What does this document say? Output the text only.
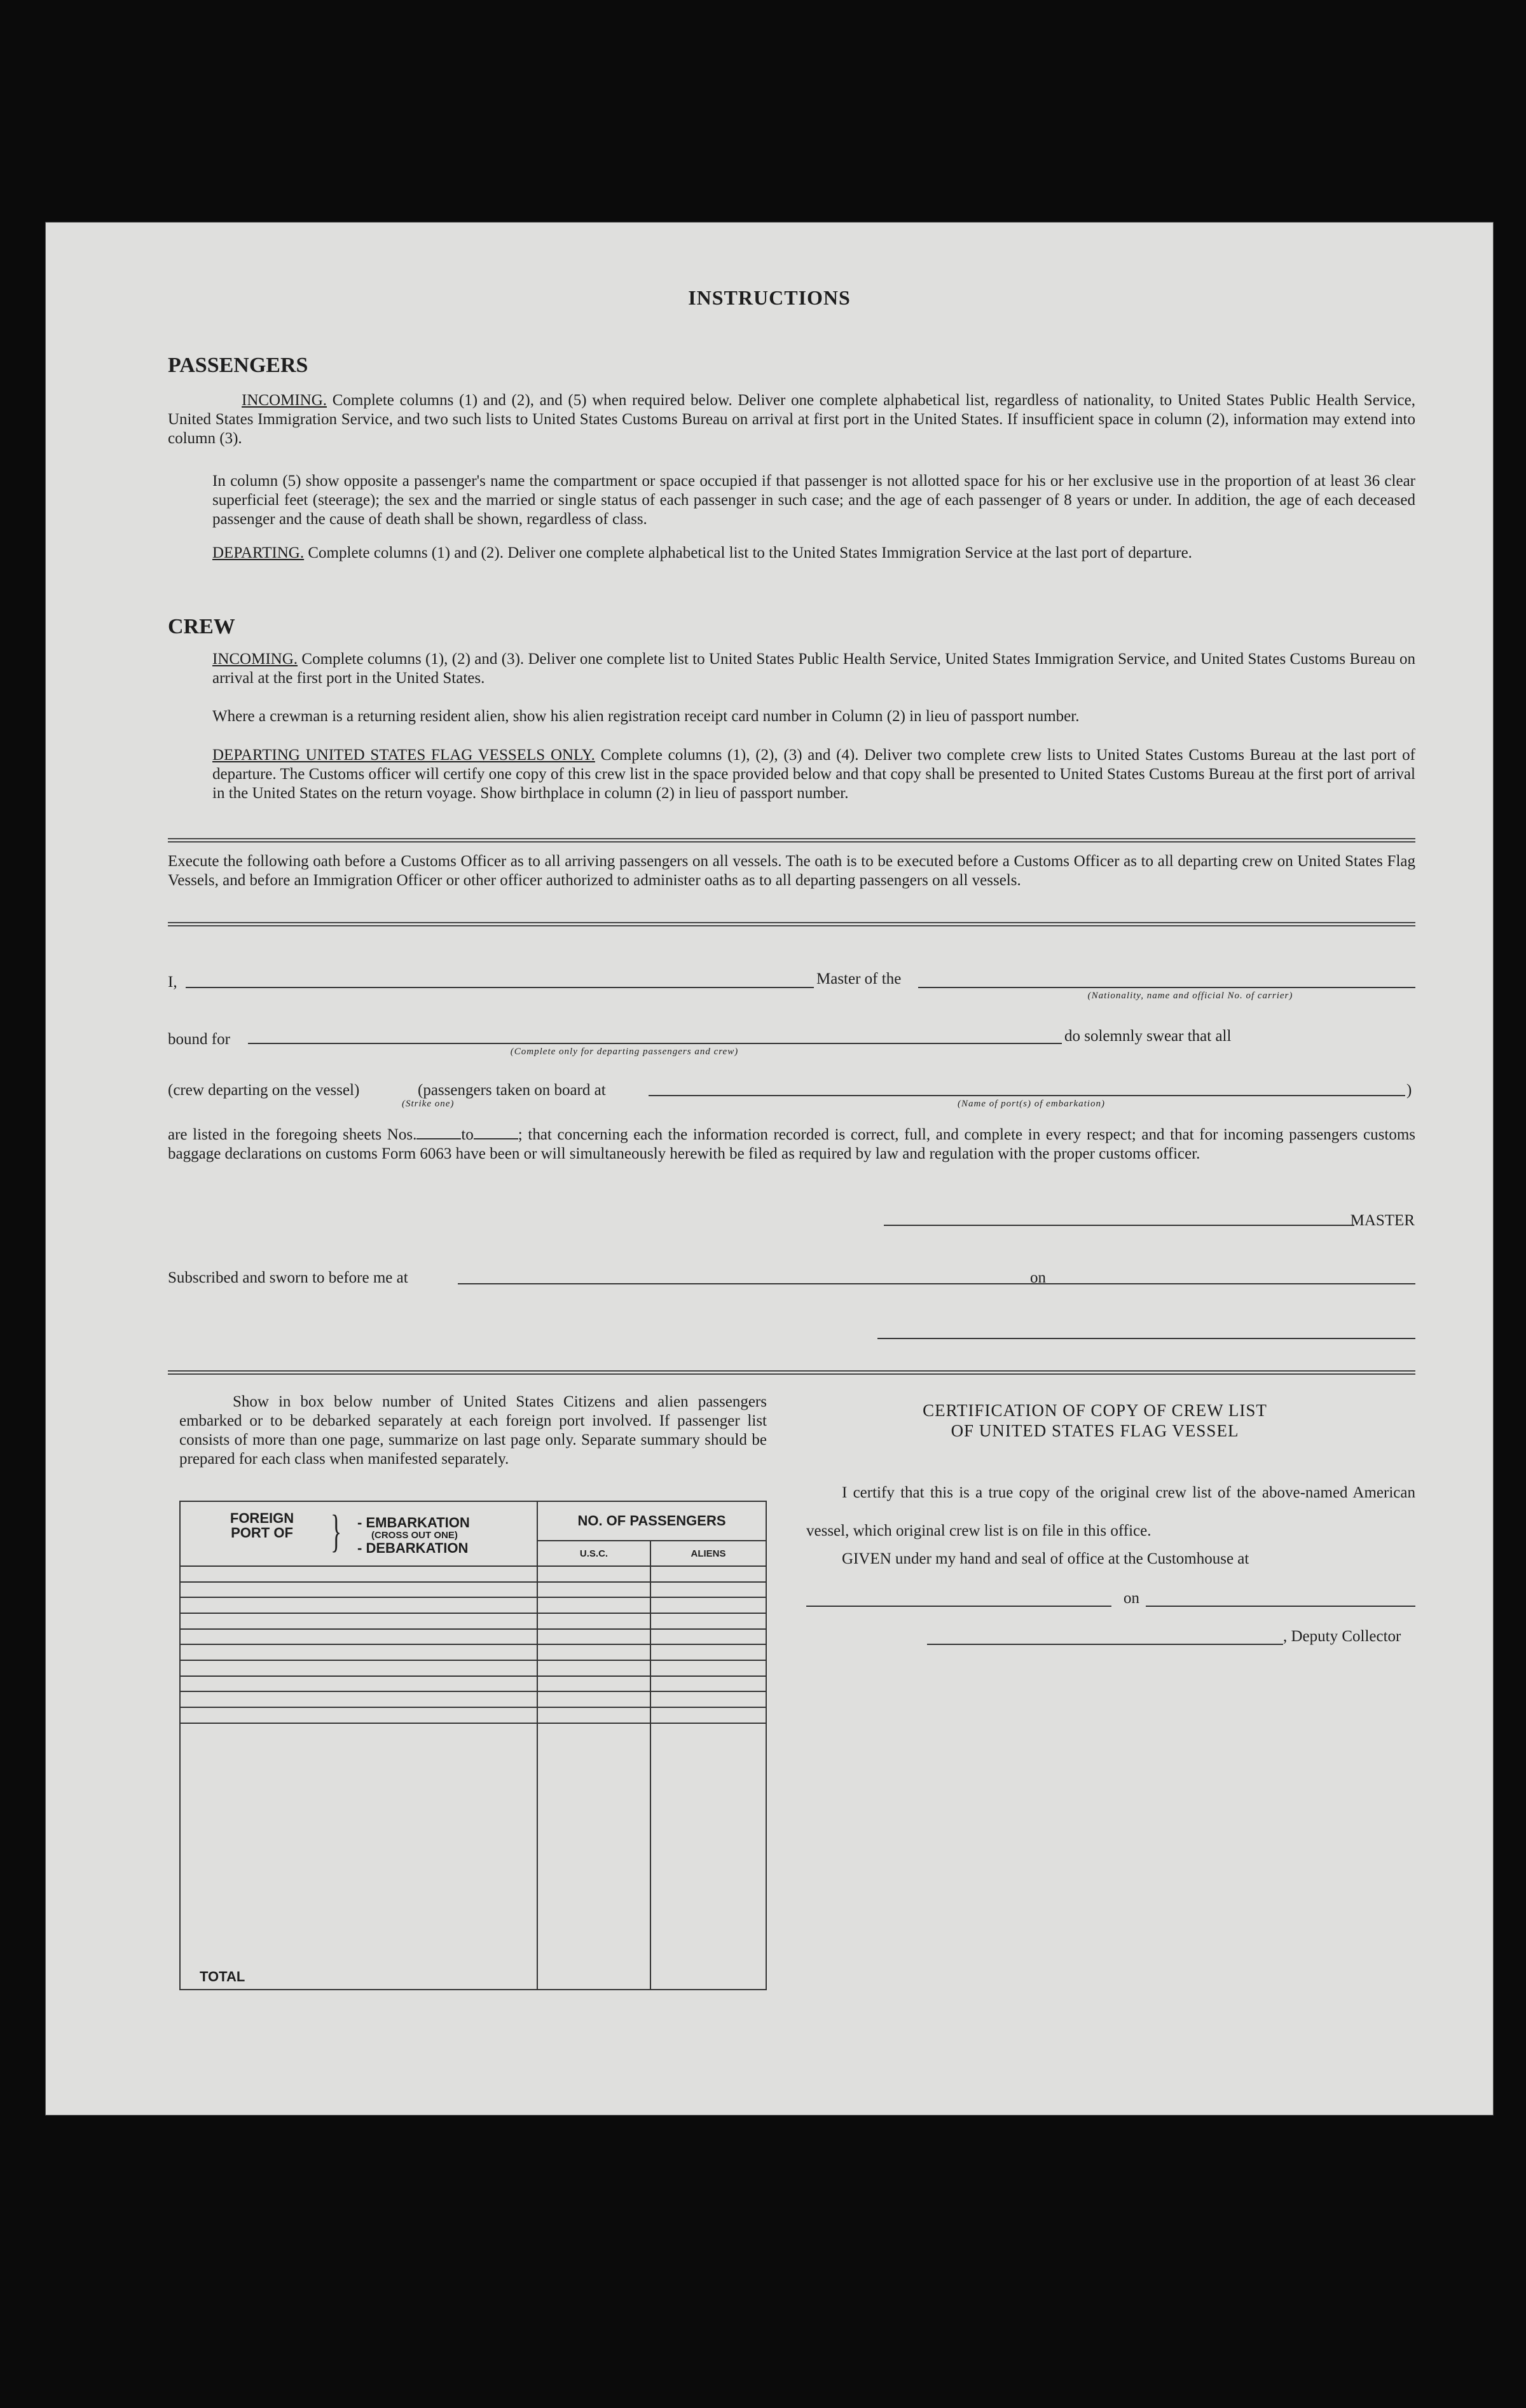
INSTRUCTIONS
PASSENGERS
INCOMING. Complete columns (1) and (2), and (5) when required below. Deliver one complete alphabetical list, regardless of nationality, to United States Public Health Service, United States Immigration Service, and two such lists to United States Customs Bureau on arrival at first port in the United States. If insufficient space in column (2), information may extend into column (3).
In column (5) show opposite a passenger's name the compartment or space occupied if that passenger is not allotted space for his or her exclusive use in the proportion of at least 36 clear superficial feet (steerage); the sex and the married or single status of each passenger in such case; and the age of each passenger of 8 years or under. In addition, the age of each deceased passenger and the cause of death shall be shown, regardless of class.
DEPARTING. Complete columns (1) and (2). Deliver one complete alphabetical list to the United States Immigration Service at the last port of departure.
CREW
INCOMING. Complete columns (1), (2) and (3). Deliver one complete list to United States Public Health Service, United States Immigration Service, and United States Customs Bureau on arrival at the first port in the United States.
Where a crewman is a returning resident alien, show his alien registration receipt card number in Column (2) in lieu of passport number.
DEPARTING UNITED STATES FLAG VESSELS ONLY. Complete columns (1), (2), (3) and (4). Deliver two complete crew lists to United States Customs Bureau at the last port of departure. The Customs officer will certify one copy of this crew list in the space provided below and that copy shall be presented to United States Customs Bureau at the first port of arrival in the United States on the return voyage. Show birthplace in column (2) in lieu of passport number.
Execute the following oath before a Customs Officer as to all arriving passengers on all vessels. The oath is to be executed before a Customs Officer as to all departing crew on United States Flag Vessels, and before an Immigration Officer or other officer authorized to administer oaths as to all departing passengers on all vessels.
I,	Master of the
(Nationality, name and official No. of carrier)
bound for
(Complete only for departing passengers and crew)
do solemnly swear that all
(crew departing on the vessel)
(Strike one)
(passengers taken on board at	)
(Name of port(s) of embarkation)
are listed in the foregoing sheets Nos.	to	; that concerning each the information recorded is correct, full, and complete in every respect; and that for incoming passengers customs baggage declarations on customs Form 6063 have been or will simultaneously herewith be filed as required by law and regulation with the proper customs officer.
MASTER
Subscribed and sworn to before me at	on
Show in box below number of United States Citizens and alien passengers embarked or to be debarked separately at each foreign port involved. If passenger list consists of more than one page, summarize on last page only. Separate summary should be prepared for each class when manifested separately.
FOREIGN PORT OF } - EMBARKATION
(CROSS OUT ONE)
- DEBARKATION	NO. OF PASSENGERS	
	U.S.C.	ALIENS

TOTAL		
CERTIFICATION OF COPY OF CREW LIST
OF UNITED STATES FLAG VESSEL
I certify that this is a true copy of the original crew list of the above-named American vessel, which original crew list is on file in this office.
GIVEN under my hand and seal of office at the Customhouse at
on
, Deputy Collector
